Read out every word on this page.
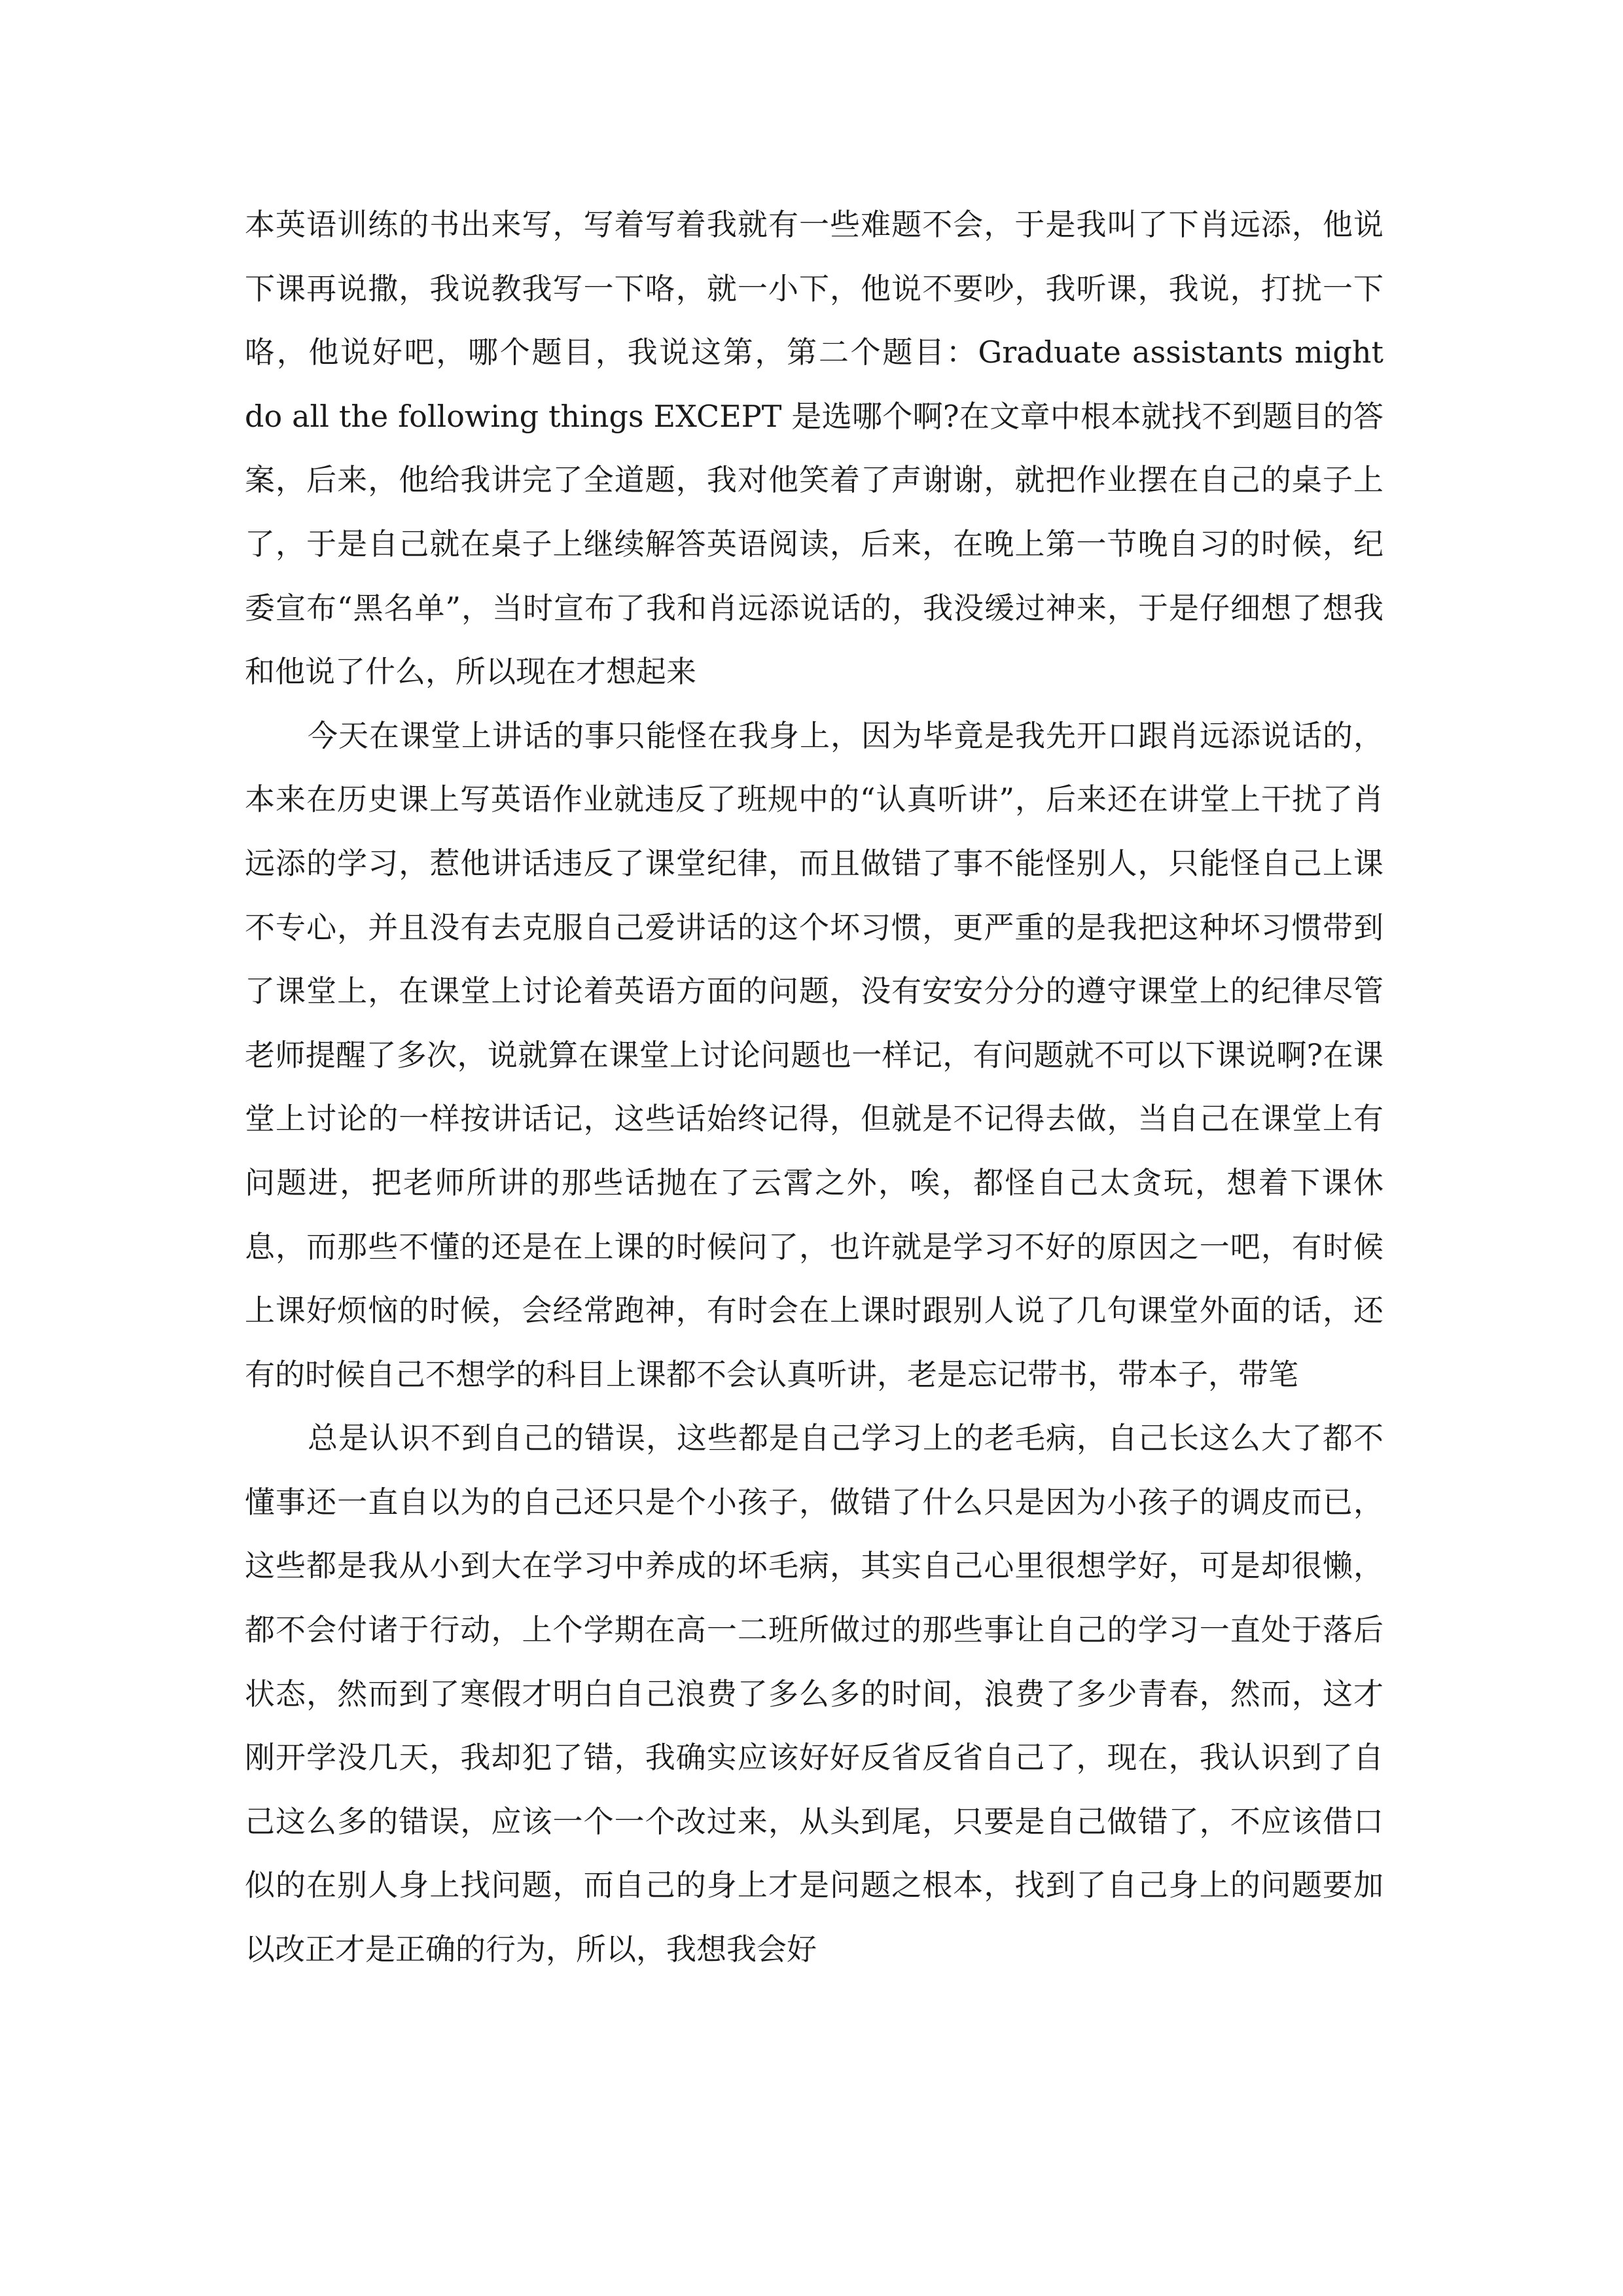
本英语训练的书出来写，写着写着我就有一些难题不会，于是我叫了下肖远添，他说下课再说撒，我说教我写一下咯，就一小下，他说不要吵，我听课，我说，打扰一下咯，他说好吧，哪个题目，我说这第，第二个题目：Graduate assistants might do all the following things EXCEPT 是选哪个啊?在文章中根本就找不到题目的答案，后来，他给我讲完了全道题，我对他笑着了声谢谢，就把作业摆在自己的桌子上了，于是自己就在桌子上继续解答英语阅读，后来，在晚上第一节晚自习的时候，纪委宣布“黑名单”，当时宣布了我和肖远添说话的，我没缓过神来，于是仔细想了想我和他说了什么，所以现在才想起来

今天在课堂上讲话的事只能怪在我身上，因为毕竟是我先开口跟肖远添说话的，本来在历史课上写英语作业就违反了班规中的“认真听讲”，后来还在讲堂上干扰了肖远添的学习，惹他讲话违反了课堂纪律，而且做错了事不能怪别人，只能怪自己上课不专心，并且没有去克服自己爱讲话的这个坏习惯，更严重的是我把这种坏习惯带到了课堂上，在课堂上讨论着英语方面的问题，没有安安分分的遵守课堂上的纪律尽管老师提醒了多次，说就算在课堂上讨论问题也一样记，有问题就不可以下课说啊?在课堂上讨论的一样按讲话记，这些话始终记得，但就是不记得去做，当自己在课堂上有问题进，把老师所讲的那些话抛在了云霄之外，唉，都怪自己太贪玩，想着下课休息，而那些不懂的还是在上课的时候问了，也许就是学习不好的原因之一吧，有时候上课好烦恼的时候，会经常跑神，有时会在上课时跟别人说了几句课堂外面的话，还有的时候自己不想学的科目上课都不会认真听讲，老是忘记带书，带本子，带笔

总是认识不到自己的错误，这些都是自己学习上的老毛病，自己长这么大了都不懂事还一直自以为的自己还只是个小孩子，做错了什么只是因为小孩子的调皮而已，这些都是我从小到大在学习中养成的坏毛病，其实自己心里很想学好，可是却很懒，都不会付诸于行动，上个学期在高一二班所做过的那些事让自己的学习一直处于落后状态，然而到了寒假才明白自己浪费了多么多的时间，浪费了多少青春，然而，这才刚开学没几天，我却犯了错，我确实应该好好反省反省自己了，现在，我认识到了自己这么多的错误，应该一个一个改过来，从头到尾，只要是自己做错了，不应该借口似的在别人身上找问题，而自己的身上才是问题之根本，找到了自己身上的问题要加以改正才是正确的行为，所以，我想我会好
